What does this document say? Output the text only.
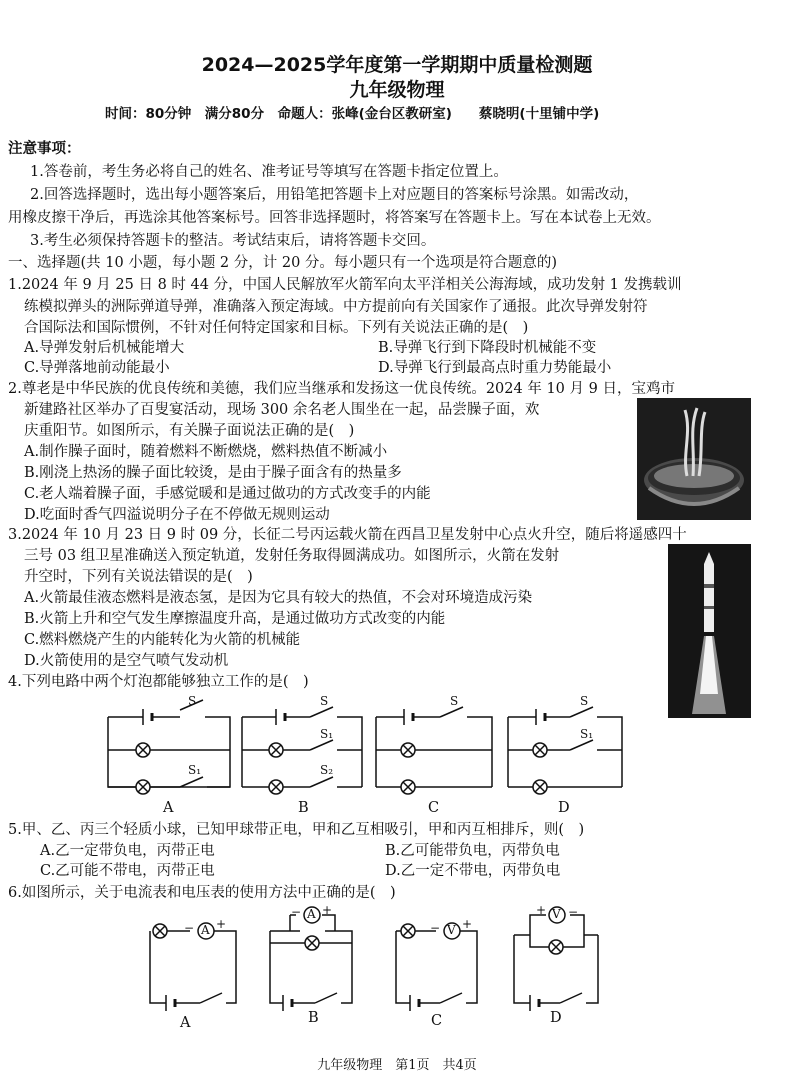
2024—2025学年度第一学期期中质量检测题
九年级物理
时间：80分钟　满分80分　命题人：张峰(金台区教研室)　　蔡晓明(十里铺中学)
注意事项：
1.答卷前，考生务必将自己的姓名、准考证号等填写在答题卡指定位置上。
2.回答选择题时，选出每小题答案后，用铅笔把答题卡上对应题目的答案标号涂黑。如需改动，
用橡皮擦干净后，再选涂其他答案标号。回答非选择题时，将答案写在答题卡上。写在本试卷上无效。
3.考生必须保持答题卡的整洁。考试结束后，请将答题卡交回。
一、选择题(共 10 小题，每小题 2 分，计 20 分。每小题只有一个选项是符合题意的)
1.2024 年 9 月 25 日 8 时 44 分，中国人民解放军火箭军向太平洋相关公海海域，成功发射 1 发携载训
练模拟弹头的洲际弹道导弹，准确落入预定海域。中方提前向有关国家作了通报。此次导弹发射符
合国际法和国际惯例，不针对任何特定国家和目标。下列有关说法正确的是(　)
A.导弹发射后机械能增大	B.导弹飞行到下降段时机械能不变
C.导弹落地前动能最小	D.导弹飞行到最高点时重力势能最小
2.尊老是中华民族的优良传统和美德，我们应当继承和发扬这一优良传统。2024 年 10 月 9 日，宝鸡市
新建路社区举办了百叟宴活动，现场 300 余名老人围坐在一起，品尝臊子面，欢
庆重阳节。如图所示，有关臊子面说法正确的是(　)
A.制作臊子面时，随着燃料不断燃烧，燃料热值不断减小
B.刚浇上热汤的臊子面比较烫，是由于臊子面含有的热量多
C.老人端着臊子面，手感觉暖和是通过做功的方式改变手的内能
D.吃面时香气四溢说明分子在不停做无规则运动
3.2024 年 10 月 23 日 9 时 09 分，长征二号丙运载火箭在西昌卫星发射中心点火升空，随后将遥感四十
三号 03 组卫星准确送入预定轨道，发射任务取得圆满成功。如图所示，火箭在发射
升空时，下列有关说法错误的是(　)
A.火箭最佳液态燃料是液态氢，是因为它具有较大的热值，不会对环境造成污染
B.火箭上升和空气发生摩擦温度升高，是通过做功方式改变的内能
C.燃料燃烧产生的内能转化为火箭的机械能
D.火箭使用的是空气喷气发动机
4.下列电路中两个灯泡都能够独立工作的是(　)
S
S₁
S
S₁
S₂
S	S
S₁
A	B	C	D
5.甲、乙、丙三个轻质小球，已知甲球带正电，甲和乙互相吸引，甲和丙互相排斥，则(　)
A.乙一定带负电，丙带正电	B.乙可能带负电，丙带负电
C.乙可能不带电，丙带正电	D.乙一定不带电，丙带负电
6.如图所示，关于电流表和电压表的使用方法中正确的是(　)
A
− +
A
− +
V
− +
V
+ −
A	B	C	D
九年级物理　第1页　共4页
